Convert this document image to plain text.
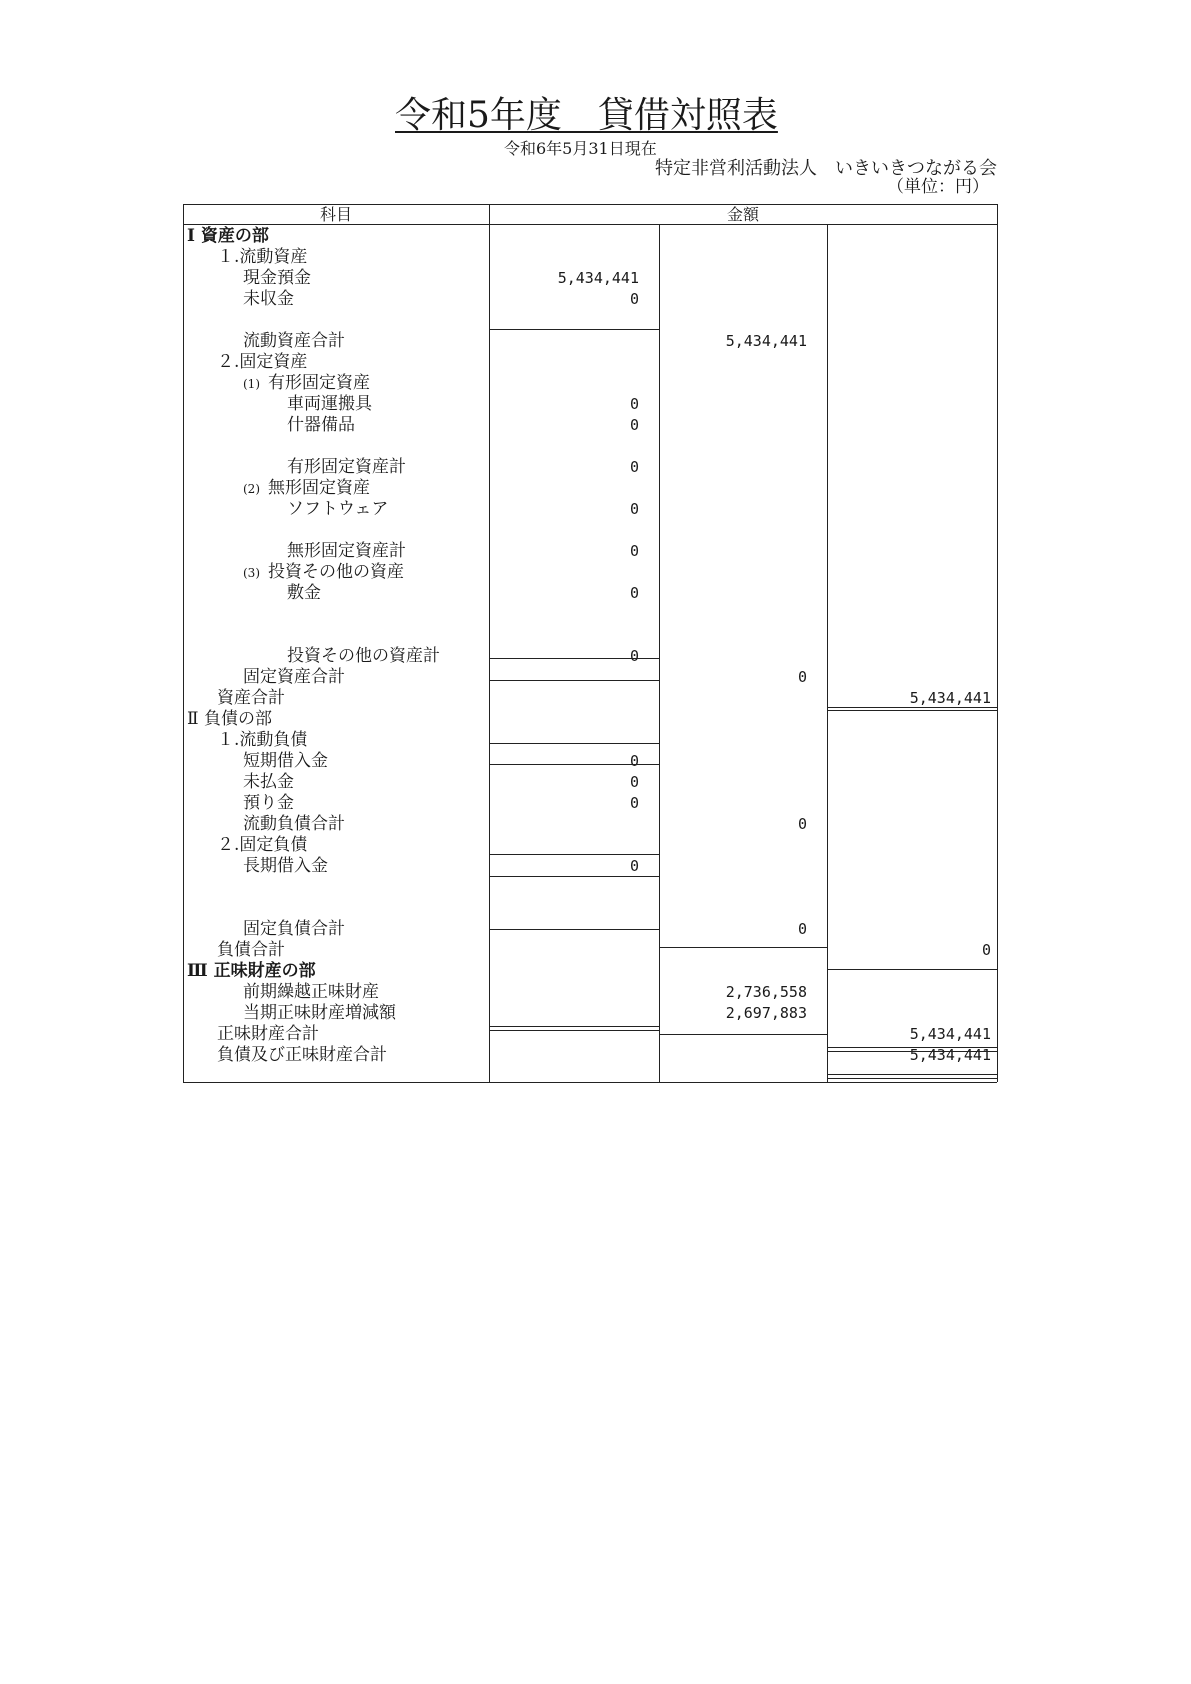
令和5年度　貸借対照表
令和6年5月31日現在
特定非営利活動法人　いきいきつながる会
（単位：円）
科目	金額
Ⅰ 資産の部
１.流動資産
現金預金	5,434,441
未収金	0
流動資産合計	5,434,441
２.固定資産
(1) 有形固定資産
車両運搬具	0
什器備品	0
有形固定資産計	0
(2) 無形固定資産
ソフトウェア	0
無形固定資産計	0
(3) 投資その他の資産
敷金	0
投資その他の資産計	0
固定資産合計	0
資産合計	5,434,441
Ⅱ 負債の部
１.流動負債
短期借入金	0
未払金	0
預り金	0
流動負債合計	0
２.固定負債
長期借入金	0
固定負債合計	0
負債合計	0
Ⅲ 正味財産の部
前期繰越正味財産	2,736,558
当期正味財産増減額	2,697,883
正味財産合計	5,434,441
負債及び正味財産合計	5,434,441
